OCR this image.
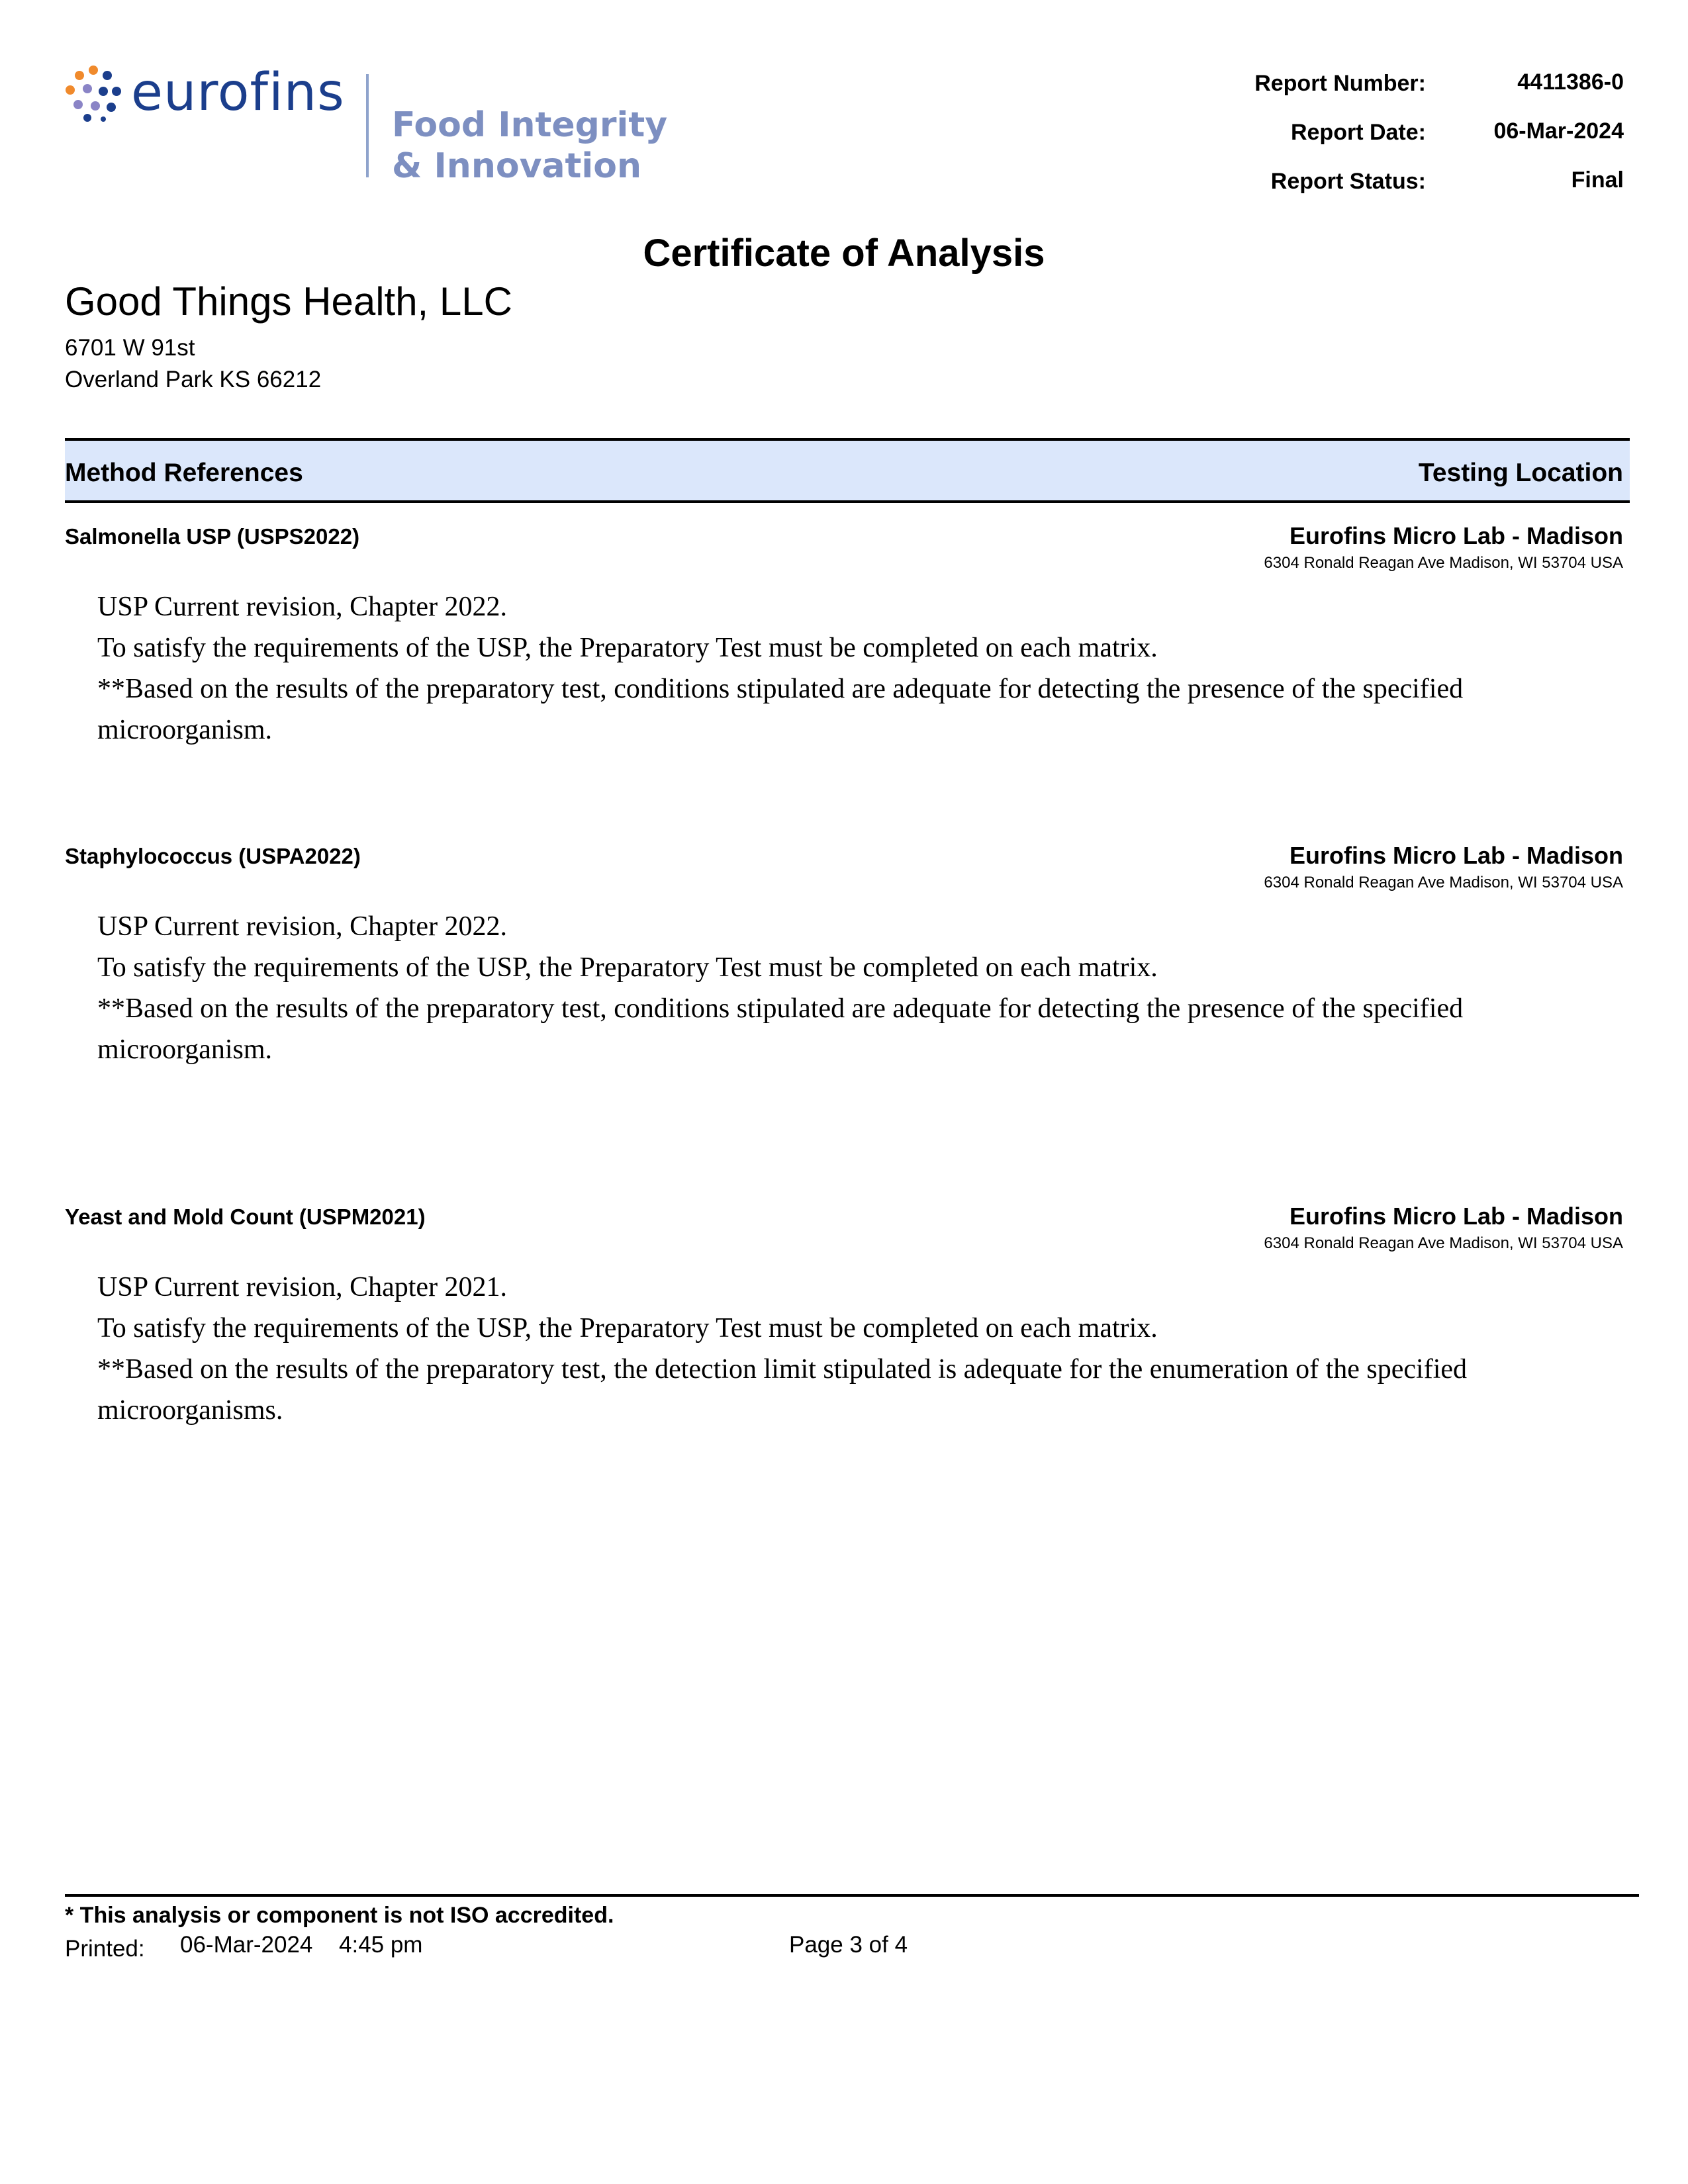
eurofins
Food Integrity
& Innovation
Report Number:	4411386-0
Report Date:	06-Mar-2024
Report Status:	Final
Certificate of Analysis
Good Things Health, LLC
6701 W 91st
Overland Park KS 66212
Method References	Testing Location
Salmonella USP (USPS2022)	Eurofins Micro Lab - Madison
6304 Ronald Reagan Ave Madison, WI 53704 USA

USP Current revision, Chapter 2022.

To satisfy the requirements of the USP, the Preparatory Test must be completed on each matrix.

**Based on the results of the preparatory test, conditions stipulated are adequate for detecting the presence of the specified microorganism.

Staphylococcus (USPA2022)	Eurofins Micro Lab - Madison
6304 Ronald Reagan Ave Madison, WI 53704 USA

USP Current revision, Chapter 2022.

To satisfy the requirements of the USP, the Preparatory Test must be completed on each matrix.

**Based on the results of the preparatory test, conditions stipulated are adequate for detecting the presence of the specified microorganism.

Yeast and Mold Count (USPM2021)	Eurofins Micro Lab - Madison
6304 Ronald Reagan Ave Madison, WI 53704 USA

USP Current revision, Chapter 2021.

To satisfy the requirements of the USP, the Preparatory Test must be completed on each matrix.

**Based on the results of the preparatory test, the detection limit stipulated is adequate for the enumeration of the specified microorganisms.

* This analysis or component is not ISO accredited.
Printed: 06-Mar-2024 4:45 pm	Page 3 of 4
